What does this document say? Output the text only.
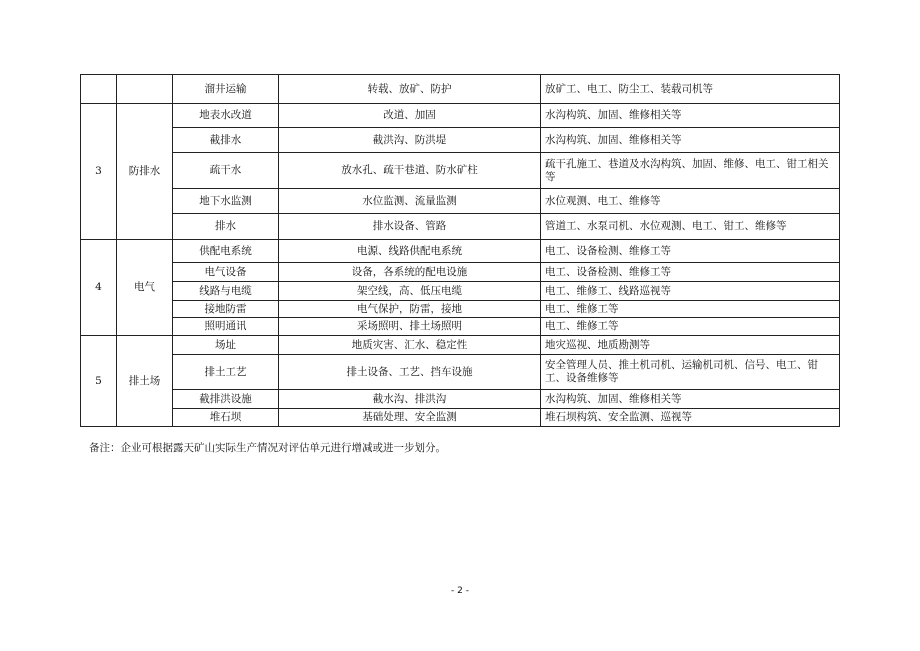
		溜井运输	转载、放矿、防护	放矿工、电工、防尘工、装载司机等
3	防排水	地表水改道	改道、加固	水沟构筑、加固、维修相关等
		截排水	截洪沟、防洪堤	水沟构筑、加固、维修相关等
		疏干水	放水孔、疏干巷道、防水矿柱	疏干孔施工、巷道及水沟构筑、加固、维修、电工、钳工相关等
		地下水监测	水位监测、流量监测	水位观测、电工、维修等
		排水	排水设备、管路	管道工、水泵司机、水位观测、电工、钳工、维修等
4	电气	供配电系统	电源、线路供配电系统	电工、设备检测、维修工等
		电气设备	设备，各系统的配电设施	电工、设备检测、维修工等
		线路与电缆	架空线，高、低压电缆	电工、维修工、线路巡视等
		接地防雷	电气保护，防雷，接地	电工、维修工等
		照明通讯	采场照明、排土场照明	电工、维修工等
5	排土场	场址	地质灾害、汇水、稳定性	地灾巡视、地质勘测等
		排土工艺	排土设备、工艺、挡车设施	安全管理人员、推土机司机、运输机司机、信号、电工、钳工、设备维修等
		截排洪设施	截水沟、排洪沟	水沟构筑、加固、维修相关等
		堆石坝	基础处理、安全监测	堆石坝构筑、安全监测、巡视等
备注：企业可根据露天矿山实际生产情况对评估单元进行增减或进一步划分。
- 2 -
